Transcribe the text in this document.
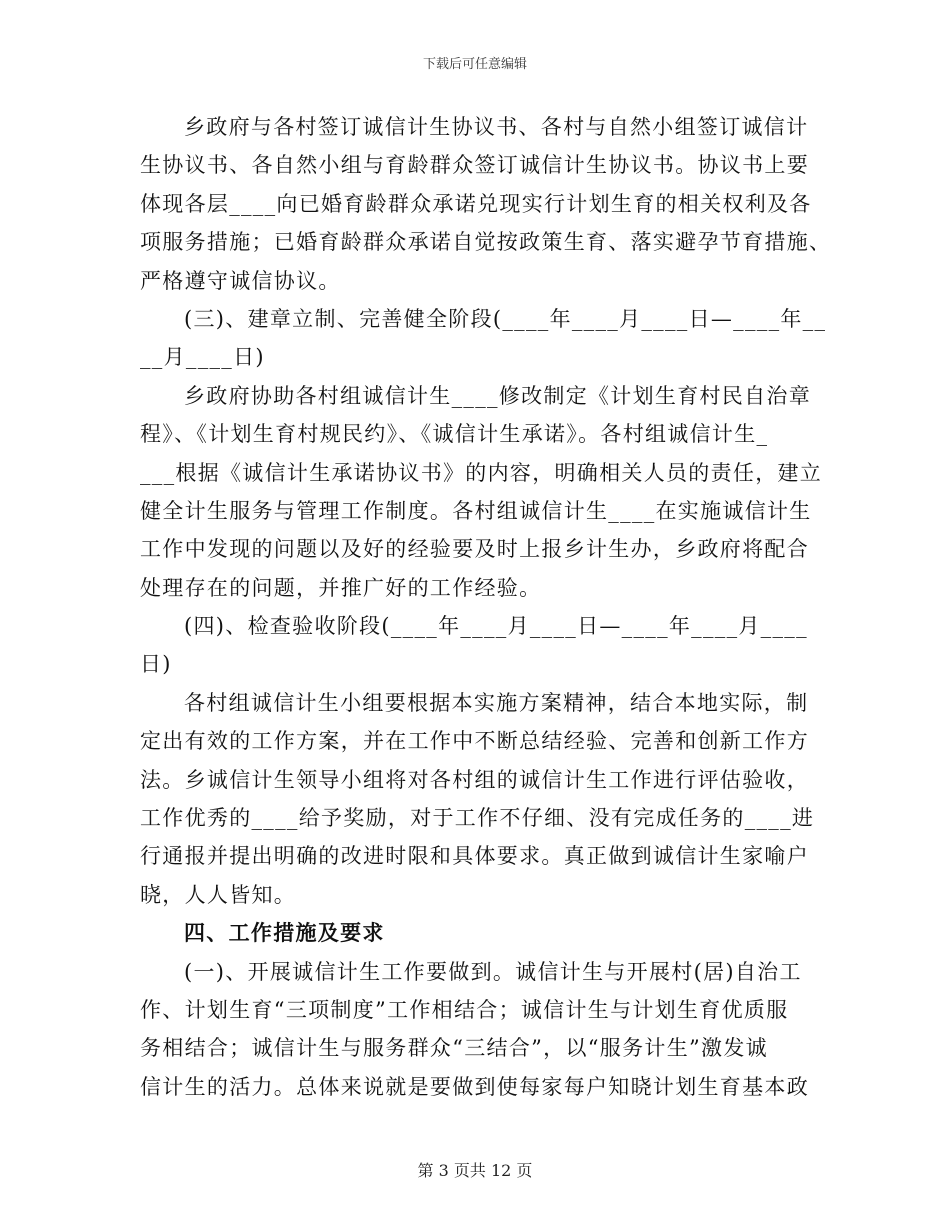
下载后可任意编辑
乡政府与各村签订诚信计生协议书、各村与自然小组签订诚信计
生协议书、各自然小组与育龄群众签订诚信计生协议书。协议书上要
体现各层____向已婚育龄群众承诺兑现实行计划生育的相关权利及各
项服务措施；已婚育龄群众承诺自觉按政策生育、落实避孕节育措施、
严格遵守诚信协议。
(三)、建章立制、完善健全阶段(____年____月____日—____年__
__月____日)
乡政府协助各村组诚信计生____修改制定《计划生育村民自治章
程》、《计划生育村规民约》、《诚信计生承诺》。各村组诚信计生_
___根据《诚信计生承诺协议书》的内容，明确相关人员的责任，建立
健全计生服务与管理工作制度。各村组诚信计生____在实施诚信计生
工作中发现的问题以及好的经验要及时上报乡计生办，乡政府将配合
处理存在的问题，并推广好的工作经验。
(四)、检查验收阶段(____年____月____日—____年____月____
日)
各村组诚信计生小组要根据本实施方案精神，结合本地实际，制
定出有效的工作方案，并在工作中不断总结经验、完善和创新工作方
法。乡诚信计生领导小组将对各村组的诚信计生工作进行评估验收，
工作优秀的____给予奖励，对于工作不仔细、没有完成任务的____进
行通报并提出明确的改进时限和具体要求。真正做到诚信计生家喻户
晓，人人皆知。
四、工作措施及要求
(一)、开展诚信计生工作要做到。诚信计生与开展村(居)自治工
作、计划生育“三项制度”工作相结合；诚信计生与计划生育优质服
务相结合；诚信计生与服务群众“三结合”，以“服务计生”激发诚
信计生的活力。总体来说就是要做到使每家每户知晓计划生育基本政
第 3 页共 12 页
